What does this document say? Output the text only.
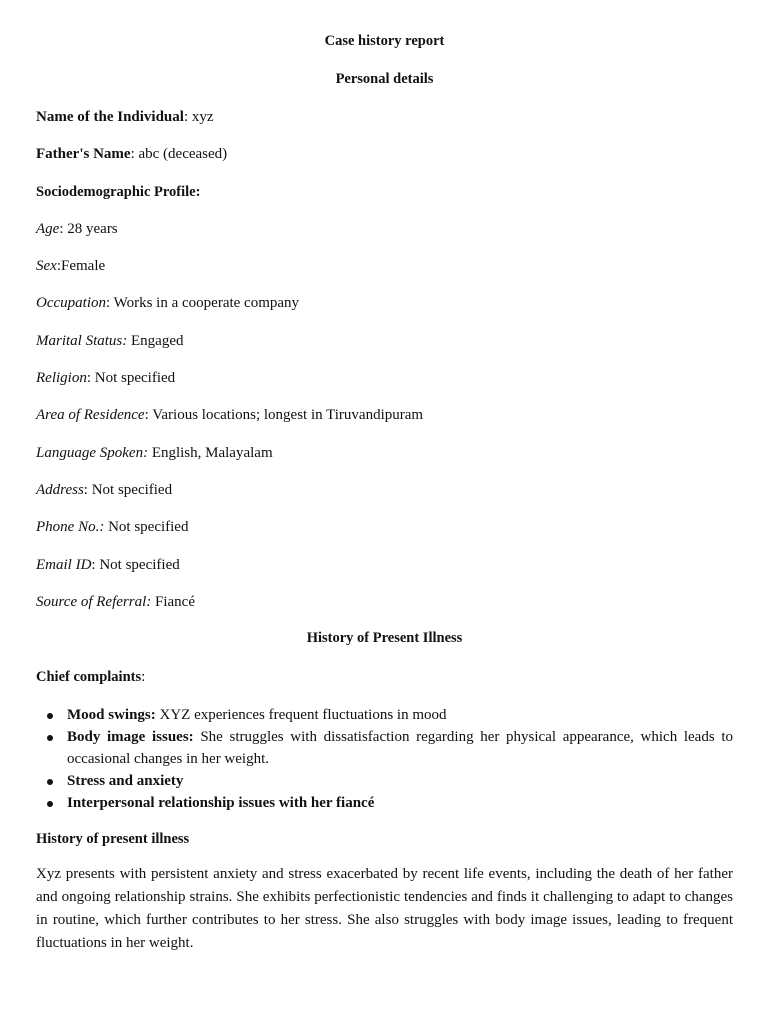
Case history report
Personal details
Name of the Individual: xyz
Father's Name: abc (deceased)
Sociodemographic Profile:
Age: 28 years
Sex:Female
Occupation: Works in a cooperate company
Marital Status: Engaged
Religion: Not specified
Area of Residence: Various locations; longest in Tiruvandipuram
Language Spoken: English, Malayalam
Address: Not specified
Phone No.: Not specified
Email ID: Not specified
Source of Referral: Fiancé
History of Present Illness
Chief complaints:
Mood swings: XYZ experiences frequent fluctuations in mood
Body image issues: She struggles with dissatisfaction regarding her physical appearance, which leads to occasional changes in her weight.
Stress and anxiety
Interpersonal relationship issues with her fiancé
History of present illness
Xyz presents with persistent anxiety and stress exacerbated by recent life events, including the death of her father and ongoing relationship strains. She exhibits perfectionistic tendencies and finds it challenging to adapt to changes in routine, which further contributes to her stress. She also struggles with body image issues, leading to frequent fluctuations in her weight.
